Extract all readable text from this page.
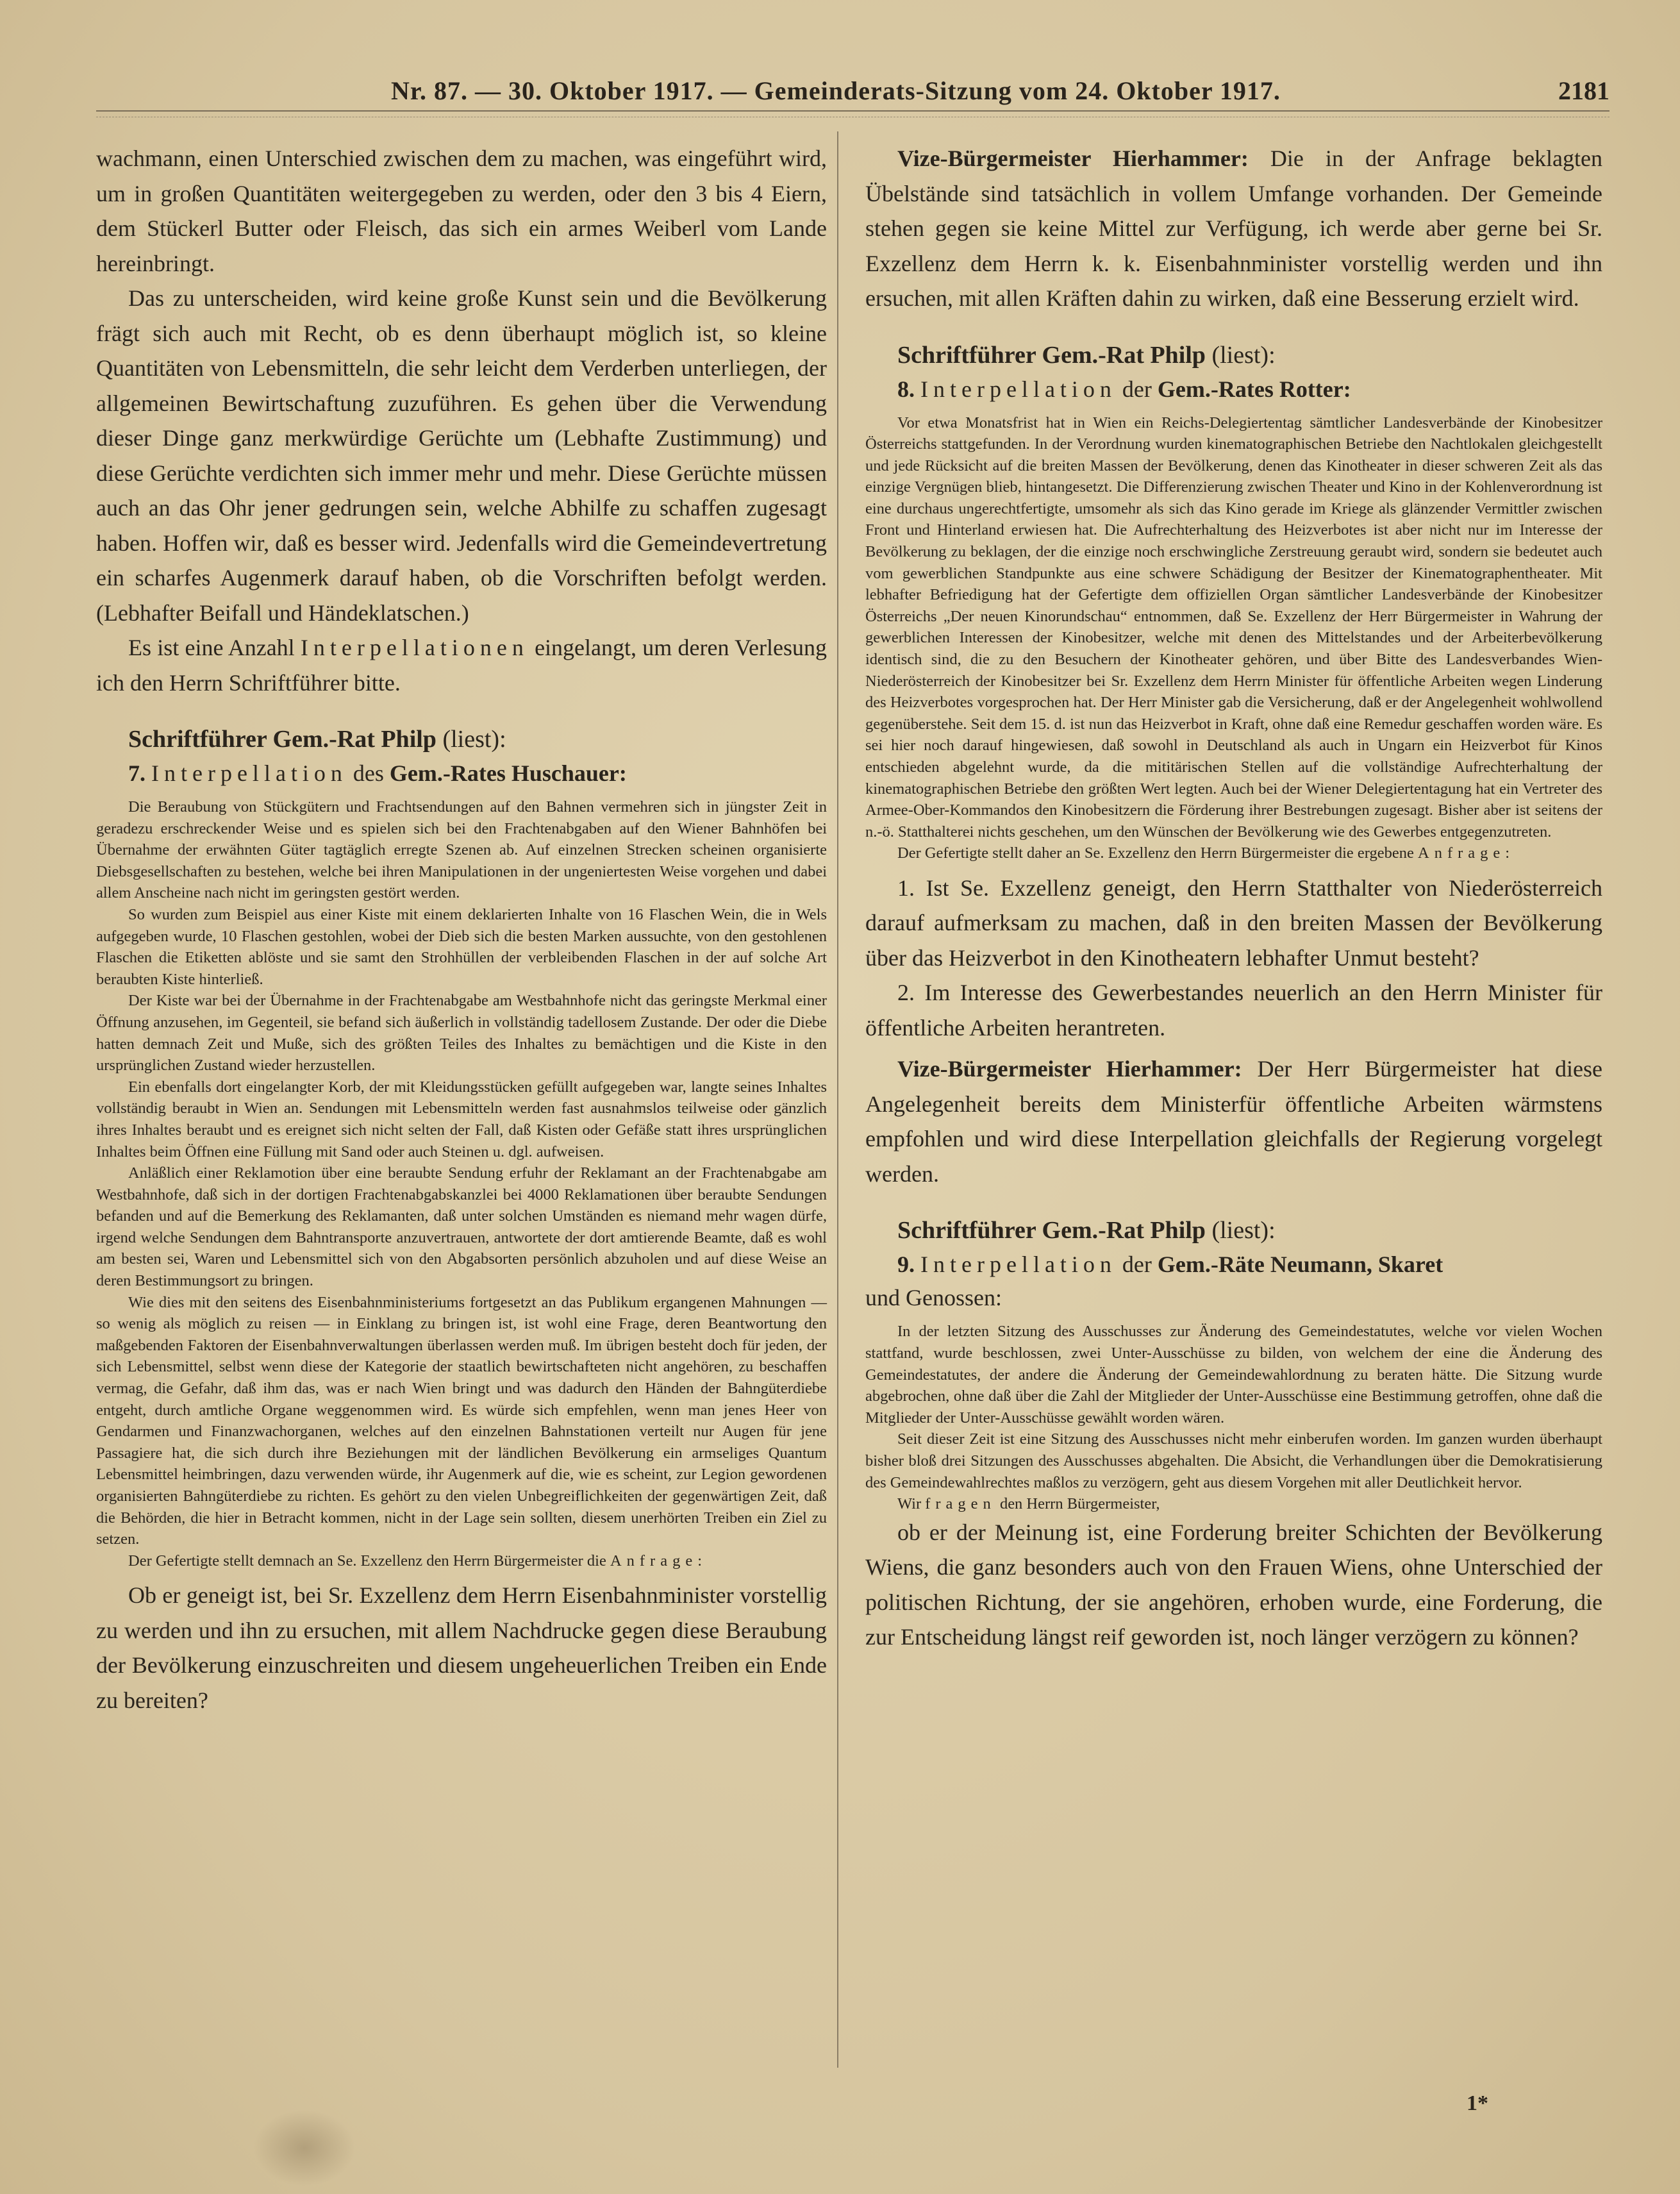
Nr. 87. — 30. Oktober 1917. — Gemeinderats-Sitzung vom 24. Oktober 1917.	2181

wachmann, einen Unterschied zwischen dem zu machen, was eingeführt wird, um in großen Quantitäten weitergegeben zu werden, oder den 3 bis 4 Eiern, dem Stückerl Butter oder Fleisch, das sich ein armes Weiberl vom Lande hereinbringt.

Das zu unterscheiden, wird keine große Kunst sein und die Bevölkerung frägt sich auch mit Recht, ob es denn überhaupt möglich ist, so kleine Quantitäten von Lebensmitteln, die sehr leicht dem Verderben unterliegen, der allgemeinen Bewirtschaftung zuzuführen. Es gehen über die Verwendung dieser Dinge ganz merkwürdige Gerüchte um (Lebhafte Zustimmung) und diese Gerüchte verdichten sich immer mehr und mehr. Diese Gerüchte müssen auch an das Ohr jener gedrungen sein, welche Abhilfe zu schaffen zugesagt haben. Hoffen wir, daß es besser wird. Jedenfalls wird die Gemeindevertretung ein scharfes Augenmerk darauf haben, ob die Vorschriften befolgt werden. (Lebhafter Beifall und Händeklatschen.)

Es ist eine Anzahl Interpellationen eingelangt, um deren Verlesung ich den Herrn Schriftführer bitte.

Schriftführer Gem.-Rat Philp (liest):

7. Interpellation des Gem.-Rates Huschauer:

Die Beraubung von Stückgütern und Frachtsendungen auf den Bahnen vermehren sich in jüngster Zeit in geradezu erschreckender Weise und es spielen sich bei den Frachtenabgaben auf den Wiener Bahnhöfen bei Übernahme der erwähnten Güter tagtäglich erregte Szenen ab. Auf einzelnen Strecken scheinen organisierte Diebsgesellschaften zu bestehen, welche bei ihren Manipulationen in der ungeniertesten Weise vorgehen und dabei allem Anscheine nach nicht im geringsten gestört werden.

So wurden zum Beispiel aus einer Kiste mit einem deklarierten Inhalte von 16 Flaschen Wein, die in Wels aufgegeben wurde, 10 Flaschen gestohlen, wobei der Dieb sich die besten Marken aussuchte, von den gestohlenen Flaschen die Etiketten ablöste und sie samt den Strohhüllen der verbleibenden Flaschen in der auf solche Art beraubten Kiste hinterließ.

Der Kiste war bei der Übernahme in der Frachtenabgabe am Westbahnhofe nicht das geringste Merkmal einer Öffnung anzusehen, im Gegenteil, sie befand sich äußerlich in vollständig tadellosem Zustande. Der oder die Diebe hatten demnach Zeit und Muße, sich des größten Teiles des Inhaltes zu bemächtigen und die Kiste in den ursprünglichen Zustand wieder herzustellen.

Ein ebenfalls dort eingelangter Korb, der mit Kleidungsstücken gefüllt aufgegeben war, langte seines Inhaltes vollständig beraubt in Wien an. Sendungen mit Lebensmitteln werden fast ausnahmslos teilweise oder gänzlich ihres Inhaltes beraubt und es ereignet sich nicht selten der Fall, daß Kisten oder Gefäße statt ihres ursprünglichen Inhaltes beim Öffnen eine Füllung mit Sand oder auch Steinen u. dgl. aufweisen.

Anläßlich einer Reklamotion über eine beraubte Sendung erfuhr der Reklamant an der Frachtenabgabe am Westbahnhofe, daß sich in der dortigen Frachtenabgabskanzlei bei 4000 Reklamationen über beraubte Sendungen befanden und auf die Bemerkung des Reklamanten, daß unter solchen Umständen es niemand mehr wagen dürfe, irgend welche Sendungen dem Bahntransporte anzuvertrauen, antwortete der dort amtierende Beamte, daß es wohl am besten sei, Waren und Lebensmittel sich von den Abgabsorten persönlich abzuholen und auf diese Weise an deren Bestimmungsort zu bringen.

Wie dies mit den seitens des Eisenbahnministeriums fortgesetzt an das Publikum ergangenen Mahnungen — so wenig als möglich zu reisen — in Einklang zu bringen ist, ist wohl eine Frage, deren Beantwortung den maßgebenden Faktoren der Eisenbahnverwaltungen überlassen werden muß. Im übrigen besteht doch für jeden, der sich Lebensmittel, selbst wenn diese der Kategorie der staatlich bewirtschafteten nicht angehören, zu beschaffen vermag, die Gefahr, daß ihm das, was er nach Wien bringt und was dadurch den Händen der Bahngüterdiebe entgeht, durch amtliche Organe weggenommen wird. Es würde sich empfehlen, wenn man jenes Heer von Gendarmen und Finanzwachorganen, welches auf den einzelnen Bahnstationen verteilt nur Augen für jene Passagiere hat, die sich durch ihre Beziehungen mit der ländlichen Bevölkerung ein armseliges Quantum Lebensmittel heimbringen, dazu verwenden würde, ihr Augenmerk auf die, wie es scheint, zur Legion gewordenen organisierten Bahngüterdiebe zu richten. Es gehört zu den vielen Unbegreiflichkeiten der gegenwärtigen Zeit, daß die Behörden, die hier in Betracht kommen, nicht in der Lage sein sollten, diesem unerhörten Treiben ein Ziel zu setzen.

Der Gefertigte stellt demnach an Se. Exzellenz den Herrn Bürgermeister die Anfrage:

Ob er geneigt ist, bei Sr. Exzellenz dem Herrn Eisenbahnminister vorstellig zu werden und ihn zu ersuchen, mit allem Nachdrucke gegen diese Beraubung der Bevölkerung einzuschreiten und diesem ungeheuerlichen Treiben ein Ende zu bereiten?

Vize-Bürgermeister Hierhammer: Die in der Anfrage beklagten Übelstände sind tatsächlich in vollem Umfange vorhanden. Der Gemeinde stehen gegen sie keine Mittel zur Verfügung, ich werde aber gerne bei Sr. Exzellenz dem Herrn k. k. Eisenbahnminister vorstellig werden und ihn ersuchen, mit allen Kräften dahin zu wirken, daß eine Besserung erzielt wird.

Schriftführer Gem.-Rat Philp (liest):

8. Interpellation der Gem.-Rates Rotter:

Vor etwa Monatsfrist hat in Wien ein Reichs-Delegiertentag sämtlicher Landesverbände der Kinobesitzer Österreichs stattgefunden. In der Verordnung wurden kinematographischen Betriebe den Nachtlokalen gleichgestellt und jede Rücksicht auf die breiten Massen der Bevölkerung, denen das Kinotheater in dieser schweren Zeit als das einzige Vergnügen blieb, hintangesetzt. Die Differenzierung zwischen Theater und Kino in der Kohlenverordnung ist eine durchaus ungerechtfertigte, umsomehr als sich das Kino gerade im Kriege als glänzender Vermittler zwischen Front und Hinterland erwiesen hat. Die Aufrechterhaltung des Heizverbotes ist aber nicht nur im Interesse der Bevölkerung zu beklagen, der die einzige noch erschwingliche Zerstreuung geraubt wird, sondern sie bedeutet auch vom gewerblichen Standpunkte aus eine schwere Schädigung der Besitzer der Kinematographentheater. Mit lebhafter Befriedigung hat der Gefertigte dem offiziellen Organ sämtlicher Landesverbände der Kinobesitzer Österreichs „Der neuen Kinorundschau“ entnommen, daß Se. Exzellenz der Herr Bürgermeister in Wahrung der gewerblichen Interessen der Kinobesitzer, welche mit denen des Mittelstandes und der Arbeiterbevölkerung identisch sind, die zu den Besuchern der Kinotheater gehören, und über Bitte des Landesverbandes Wien-Niederösterreich der Kinobesitzer bei Sr. Exzellenz dem Herrn Minister für öffentliche Arbeiten wegen Linderung des Heizverbotes vorgesprochen hat. Der Herr Minister gab die Versicherung, daß er der Angelegenheit wohlwollend gegenüberstehe. Seit dem 15. d. ist nun das Heizverbot in Kraft, ohne daß eine Remedur geschaffen worden wäre. Es sei hier noch darauf hingewiesen, daß sowohl in Deutschland als auch in Ungarn ein Heizverbot für Kinos entschieden abgelehnt wurde, da die mititärischen Stellen auf die vollständige Aufrechterhaltung der kinematographischen Betriebe den größten Wert legten. Auch bei der Wiener Delegiertentagung hat ein Vertreter des Armee-Ober-Kommandos den Kinobesitzern die Förderung ihrer Bestrebungen zugesagt. Bisher aber ist seitens der n.-ö. Statthalterei nichts geschehen, um den Wünschen der Bevölkerung wie des Gewerbes entgegenzutreten.

Der Gefertigte stellt daher an Se. Exzellenz den Herrn Bürgermeister die ergebene Anfrage:

1. Ist Se. Exzellenz geneigt, den Herrn Statthalter von Niederösterreich darauf aufmerksam zu machen, daß in den breiten Massen der Bevölkerung über das Heizverbot in den Kinotheatern lebhafter Unmut besteht?

2. Im Interesse des Gewerbestandes neuerlich an den Herrn Minister für öffentliche Arbeiten herantreten.

Vize-Bürgermeister Hierhammer: Der Herr Bürgermeister hat diese Angelegenheit bereits dem Ministerfür öffentliche Arbeiten wärmstens empfohlen und wird diese Interpellation gleichfalls der Regierung vorgelegt werden.

Schriftführer Gem.-Rat Philp (liest):

9. Interpellation der Gem.-Räte Neumann, Skaret

und Genossen:

In der letzten Sitzung des Ausschusses zur Änderung des Gemeindestatutes, welche vor vielen Wochen stattfand, wurde beschlossen, zwei Unter-Ausschüsse zu bilden, von welchem der eine die Änderung des Gemeindestatutes, der andere die Änderung der Gemeindewahlordnung zu beraten hätte. Die Sitzung wurde abgebrochen, ohne daß über die Zahl der Mitglieder der Unter-Ausschüsse eine Bestimmung getroffen, ohne daß die Mitglieder der Unter-Ausschüsse gewählt worden wären.

Seit dieser Zeit ist eine Sitzung des Ausschusses nicht mehr einberufen worden. Im ganzen wurden überhaupt bisher bloß drei Sitzungen des Ausschusses abgehalten. Die Absicht, die Verhandlungen über die Demokratisierung des Gemeindewahlrechtes maßlos zu verzögern, geht aus diesem Vorgehen mit aller Deutlichkeit hervor.

Wir fragen den Herrn Bürgermeister,

ob er der Meinung ist, eine Forderung breiter Schichten der Bevölkerung Wiens, die ganz besonders auch von den Frauen Wiens, ohne Unterschied der politischen Richtung, der sie angehören, erhoben wurde, eine Forderung, die zur Entscheidung längst reif geworden ist, noch länger verzögern zu können?

1*
